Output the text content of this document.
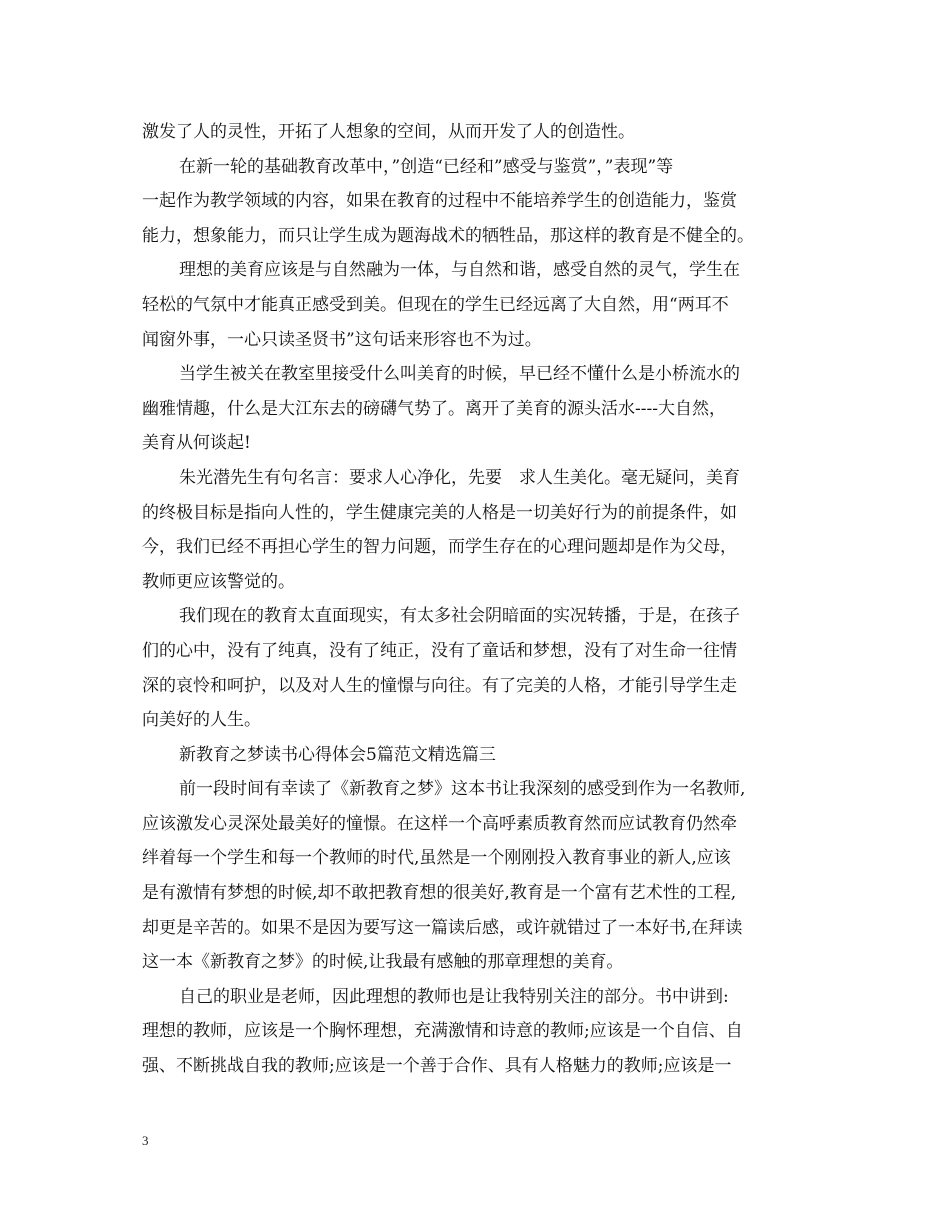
激发了人的灵性，开拓了人想象的空间，从而开发了人的创造性。
在新一轮的基础教育改革中，”创造“已经和”感受与鉴赏”，”表现”等
一起作为教学领域的内容，如果在教育的过程中不能培养学生的创造能力，鉴赏
能力，想象能力，而只让学生成为题海战术的牺牲品，那这样的教育是不健全的。
理想的美育应该是与自然融为一体，与自然和谐，感受自然的灵气，学生在
轻松的气氛中才能真正感受到美。但现在的学生已经远离了大自然，用“两耳不
闻窗外事，一心只读圣贤书”这句话来形容也不为过。
当学生被关在教室里接受什么叫美育的时候，早已经不懂什么是小桥流水的
幽雅情趣，什么是大江东去的磅礴气势了。离开了美育的源头活水----大自然，
美育从何谈起!
朱光潜先生有句名言：要求人心净化，先要　求人生美化。毫无疑问，美育
的终极目标是指向人性的，学生健康完美的人格是一切美好行为的前提条件，如
今，我们已经不再担心学生的智力问题，而学生存在的心理问题却是作为父母，
教师更应该警觉的。
我们现在的教育太直面现实，有太多社会阴暗面的实况转播，于是，在孩子
们的心中，没有了纯真，没有了纯正，没有了童话和梦想，没有了对生命一往情
深的哀怜和呵护，以及对人生的憧憬与向往。有了完美的人格，才能引导学生走
向美好的人生。
新教育之梦读书心得体会5篇范文精选篇三
前一段时间有幸读了《新教育之梦》这本书让我深刻的感受到作为一名教师,
应该激发心灵深处最美好的憧憬。在这样一个高呼素质教育然而应试教育仍然牵
绊着每一个学生和每一个教师的时代,虽然是一个刚刚投入教育事业的新人,应该
是有激情有梦想的时候,却不敢把教育想的很美好,教育是一个富有艺术性的工程,
却更是辛苦的。如果不是因为要写这一篇读后感，或许就错过了一本好书,在拜读
这一本《新教育之梦》的时候,让我最有感触的那章理想的美育。
自己的职业是老师，因此理想的教师也是让我特别关注的部分。书中讲到:
理想的教师，应该是一个胸怀理想，充满激情和诗意的教师;应该是一个自信、自
强、不断挑战自我的教师;应该是一个善于合作、具有人格魅力的教师;应该是一
3
